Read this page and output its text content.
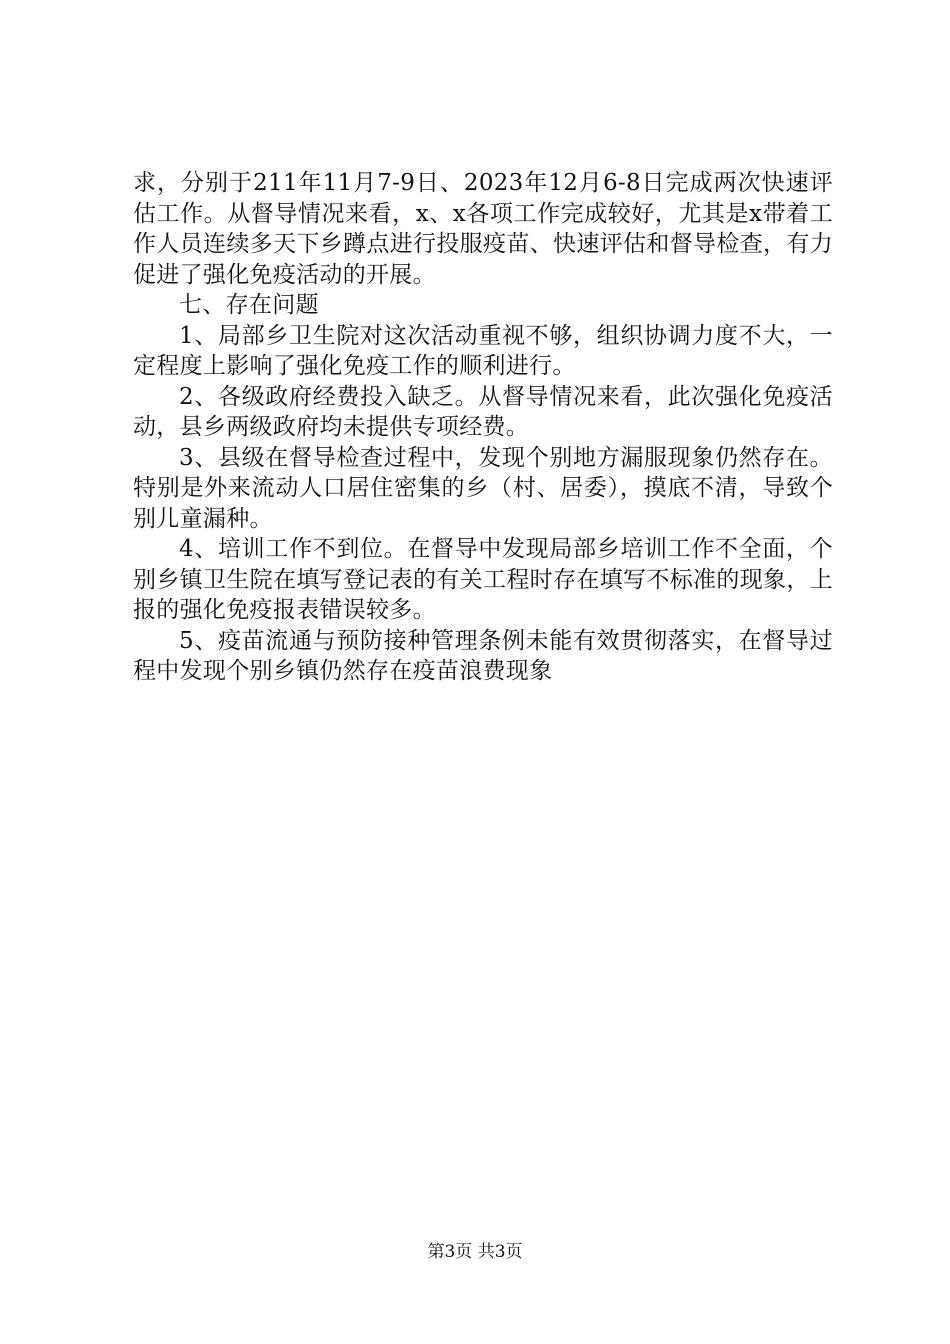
求，分别于211年11月7-9日、2023年12月6-8日完成两次快速评估工作。从督导情况来看，x、x各项工作完成较好，尤其是x带着工作人员连续多天下乡蹲点进行投服疫苗、快速评估和督导检查，有力促进了强化免疫活动的开展。

七、存在问题

1、局部乡卫生院对这次活动重视不够，组织协调力度不大，一定程度上影响了强化免疫工作的顺利进行。

2、各级政府经费投入缺乏。从督导情况来看，此次强化免疫活动，县乡两级政府均未提供专项经费。

3、县级在督导检查过程中，发现个别地方漏服现象仍然存在。特别是外来流动人口居住密集的乡（村、居委），摸底不清，导致个别儿童漏种。

4、培训工作不到位。在督导中发现局部乡培训工作不全面，个别乡镇卫生院在填写登记表的有关工程时存在填写不标准的现象，上报的强化免疫报表错误较多。

5、疫苗流通与预防接种管理条例未能有效贯彻落实，在督导过程中发现个别乡镇仍然存在疫苗浪费现象

第3页 共3页
